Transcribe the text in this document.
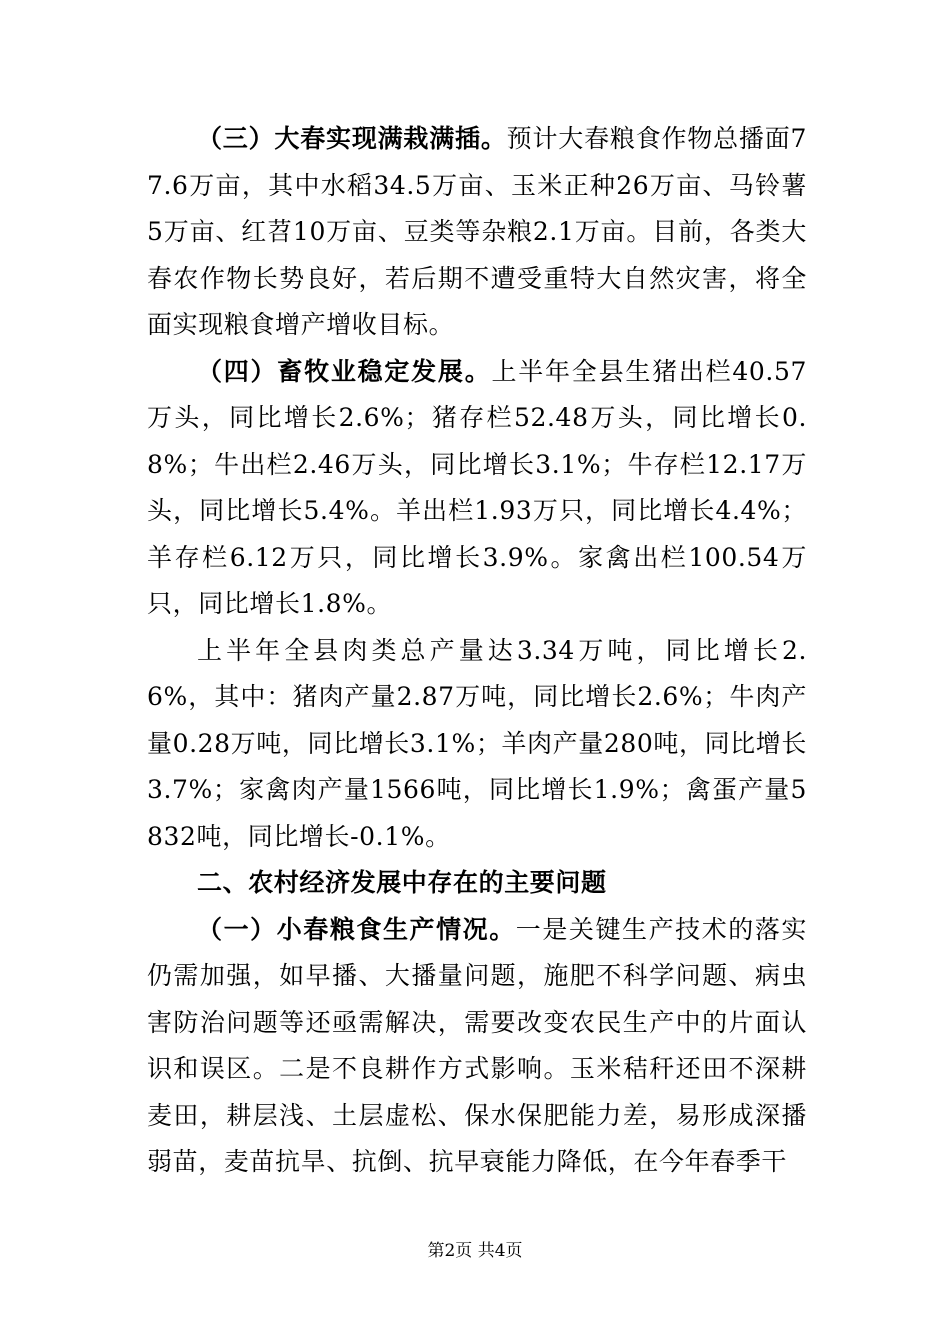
（三）大春实现满栽满插。预计大春粮食作物总播面77.6万亩，其中水稻34.5万亩、玉米正种26万亩、马铃薯5万亩、红苕10万亩、豆类等杂粮2.1万亩。目前，各类大春农作物长势良好，若后期不遭受重特大自然灾害，将全面实现粮食增产增收目标。

（四）畜牧业稳定发展。上半年全县生猪出栏40.57万头，同比增长2.6%；猪存栏52.48万头，同比增长0.8%；牛出栏2.46万头，同比增长3.1%；牛存栏12.17万头，同比增长5.4%。羊出栏1.93万只，同比增长4.4%；羊存栏6.12万只，同比增长3.9%。家禽出栏100.54万只，同比增长1.8%。

上半年全县肉类总产量达3.34万吨，同比增长2.6%，其中：猪肉产量2.87万吨，同比增长2.6%；牛肉产量0.28万吨，同比增长3.1%；羊肉产量280吨，同比增长3.7%；家禽肉产量1566吨，同比增长1.9%；禽蛋产量5832吨，同比增长-0.1%。

二、农村经济发展中存在的主要问题

（一）小春粮食生产情况。一是关键生产技术的落实仍需加强，如早播、大播量问题，施肥不科学问题、病虫害防治问题等还亟需解决，需要改变农民生产中的片面认识和误区。二是不良耕作方式影响。玉米秸秆还田不深耕麦田，耕层浅、土层虚松、保水保肥能力差，易形成深播弱苗，麦苗抗旱、抗倒、抗早衰能力降低，在今年春季干

第2页 共4页
